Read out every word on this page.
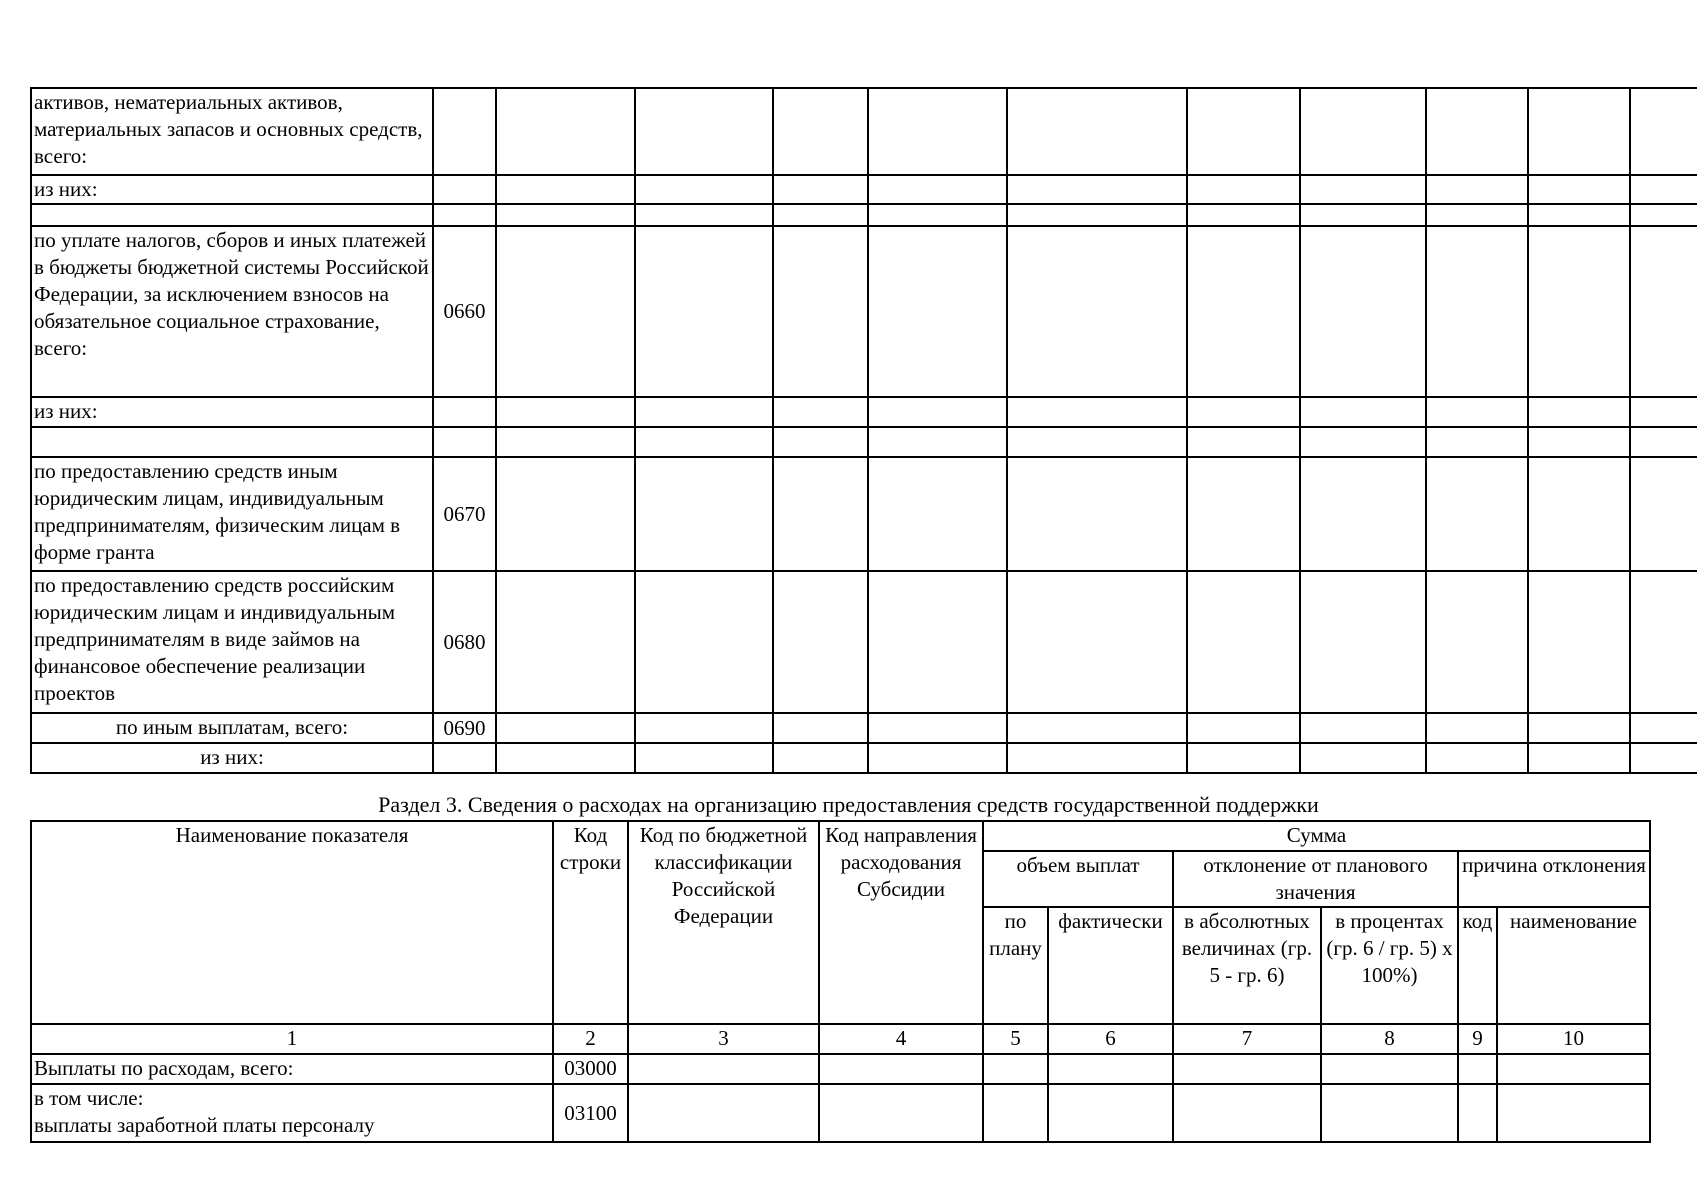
активов, нематериальных активов, материальных запасов и основных средств, всего:											
из них:											

по уплате налогов, сборов и иных платежей в бюджеты бюджетной системы Российской Федерации, за исключением взносов на обязательное социальное страхование, всего:	0660										
из них:											

по предоставлению средств иным юридическим лицам, индивидуальным предпринимателям, физическим лицам в форме гранта	0670										
по предоставлению средств российским юридическим лицам и индивидуальным предпринимателям в виде займов на финансовое обеспечение реализации проектов	0680										
по иным выплатам, всего:	0690										
из них:											
Раздел 3. Сведения о расходах на организацию предоставления средств государственной поддержки
Наименование показателя	Код строки	Код по бюджетной классификации Российской Федерации	Код направления расходования Субсидии	Сумма					
				объем выплат		отклонение от планового значения		причина отклонения	
				по плану	фактически	в абсолютных величинах (гр. 5 - гр. 6)	в процентах (гр. 6 / гр. 5) x 100%)	код	наименование
1	2	3	4	5	6	7	8	9	10
Выплаты по расходам, всего:	03000								
в том числе:
выплаты заработной платы персоналу	03100								
